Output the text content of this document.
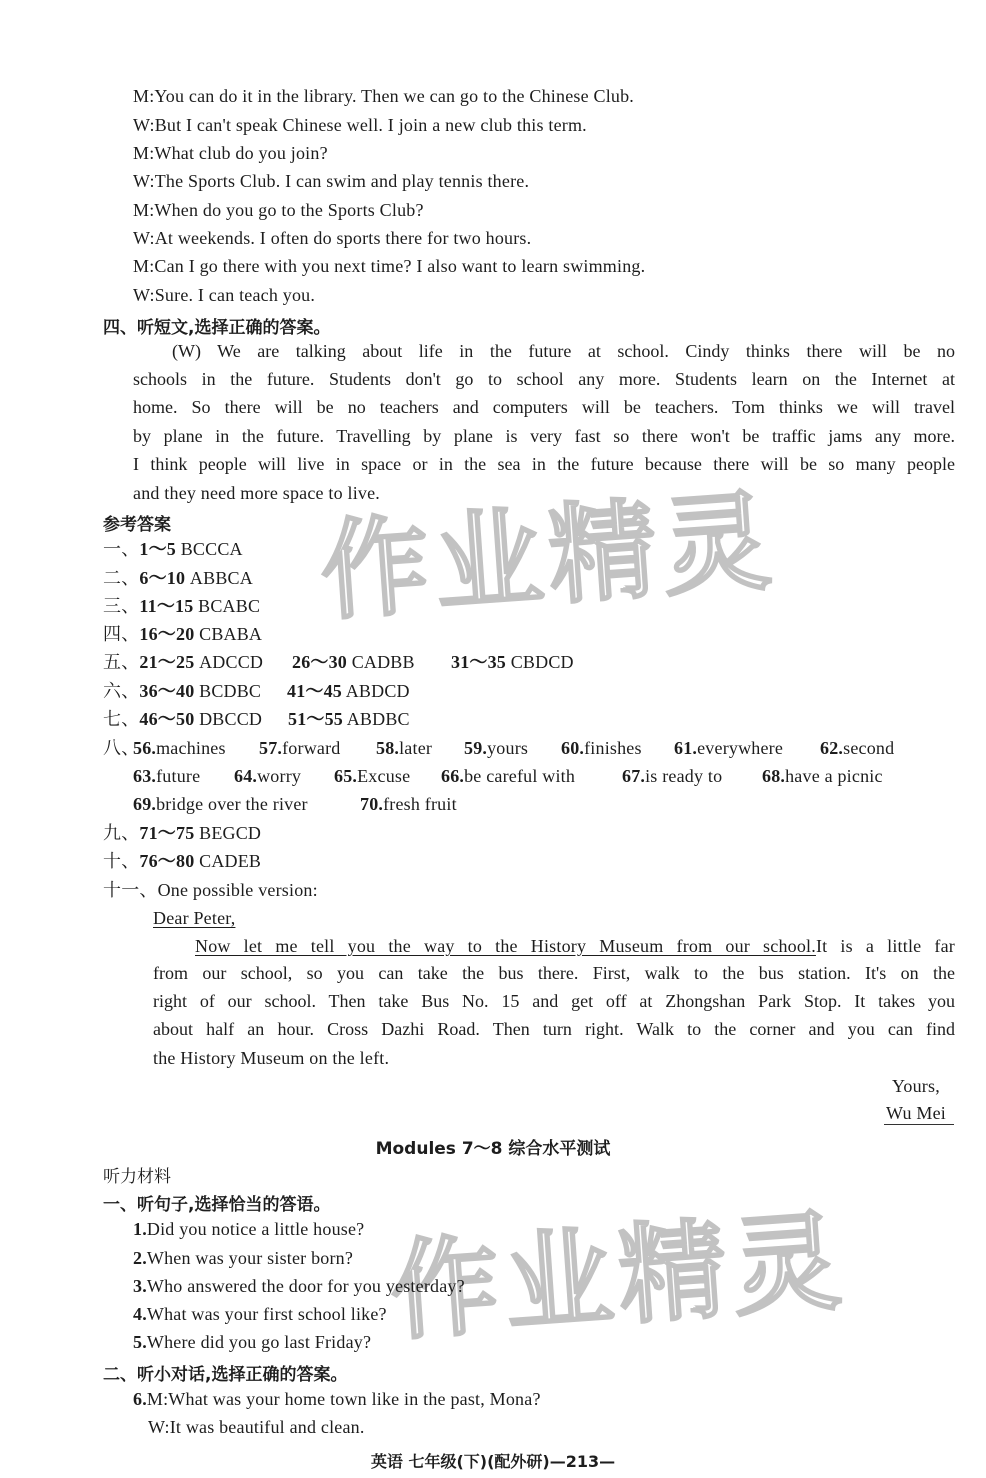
作业精灵
作业精灵
M:You can do it in the library. Then we can go to the Chinese Club.
W:But I can't speak Chinese well. I join a new club this term.
M:What club do you join?
W:The Sports Club. I can swim and play tennis there.
M:When do you go to the Sports Club?
W:At weekends. I often do sports there for two hours.
M:Can I go there with you next time? I also want to learn swimming.
W:Sure. I can teach you.
四、听短文,选择正确的答案。
(W) We are talking about life in the future at school. Cindy thinks there will be no
schools in the future. Students don't go to school any more. Students learn on the Internet at
home. So there will be no teachers and computers will be teachers. Tom thinks we will travel
by plane in the future. Travelling by plane is very fast so there won't be traffic jams any more.
I think people will live in space or in the sea in the future because there will be so many people
and they need more space to live.
参考答案
一、1～5 BCCCA
二、6～10 ABBCA
三、11～15 BCABC
四、16～20 CBABA
五、21～25 ADCCD 26～30 CADBB 31～35 CBDCD
六、36～40 BCDBC 41～45 ABDCD
七、46～50 DBCCD 51～55 ABDBC
八、
56.machines 57.forward 58.later 59.yours 60.finishes 61.everywhere 62.second
63.future 64.worry 65.Excuse 66.be careful with	67.is ready to 68.have a picnic
69.bridge over the river	70.fresh fruit
九、71～75 BEGCD
十、76～80 CADEB
十一、One possible version:
Dear Peter,
Now let me tell you the way to the History Museum from our school.It is a little far
from our school, so you can take the bus there. First, walk to the bus station. It's on the
right of our school. Then take Bus No. 15 and get off at Zhongshan Park Stop. It takes you
about half an hour. Cross Dazhi Road. Then turn right. Walk to the corner and you can find
the History Museum on the left.
Yours,
Wu Mei
Modules 7～8 综合水平测试
听力材料
一、听句子,选择恰当的答语。
1.Did you notice a little house?
2.When was your sister born?
3.Who answered the door for you yesterday?
4.What was your first school like?
5.Where did you go last Friday?
二、听小对话,选择正确的答案。
6.M:What was your home town like in the past, Mona?
W:It was beautiful and clean.
英语 七年级(下)(配外研)—213—
